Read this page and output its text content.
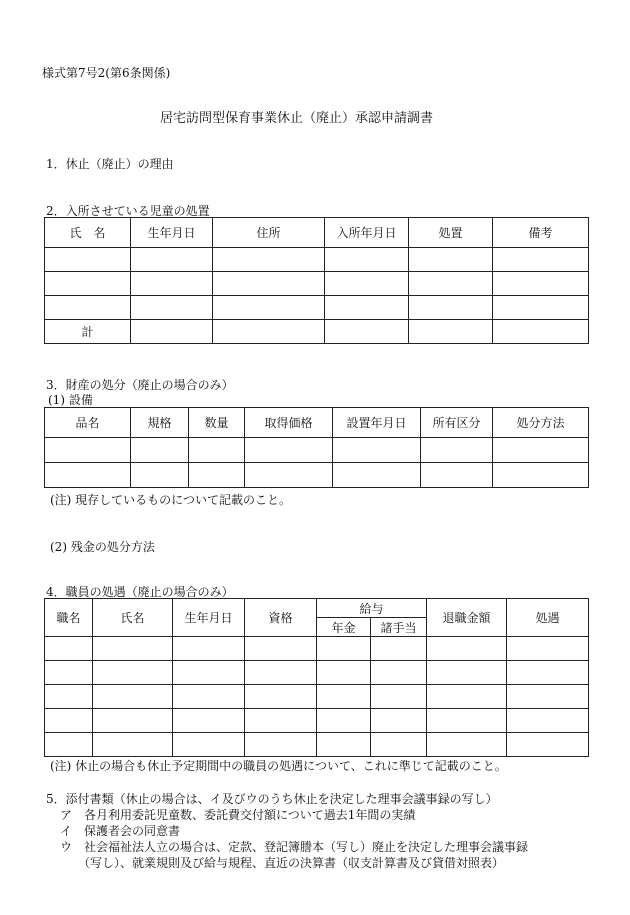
様式第7号2(第6条関係)
居宅訪問型保育事業休止（廃止）承認申請調書
1．休止（廃止）の理由
2．入所させている児童の処置
氏　名	生年月日	住所	入所年月日	処置	備考

計					
3．財産の処分（廃止の場合のみ）
(1) 設備
品名	規格	数量	取得価格	設置年月日	所有区分	処分方法

(注) 現存しているものについて記載のこと。
(2) 残金の処分方法
4．職員の処遇（廃止の場合のみ）
職名	氏名	生年月日	資格	給与		退職金額	処遇
				年金	諸手当		

(注) 休止の場合も休止予定期間中の職員の処遇について、これに準じて記載のこと。
5．添付書類（休止の場合は、イ及びウのうち休止を決定した理事会議事録の写し）
ア　各月利用委託児童数、委託費交付額について過去1年間の実績
イ　保護者会の同意書
ウ　社会福祉法人立の場合は、定款、登記簿謄本（写し）廃止を決定した理事会議事録
（写し）、就業規則及び給与規程、直近の決算書（収支計算書及び貸借対照表）
